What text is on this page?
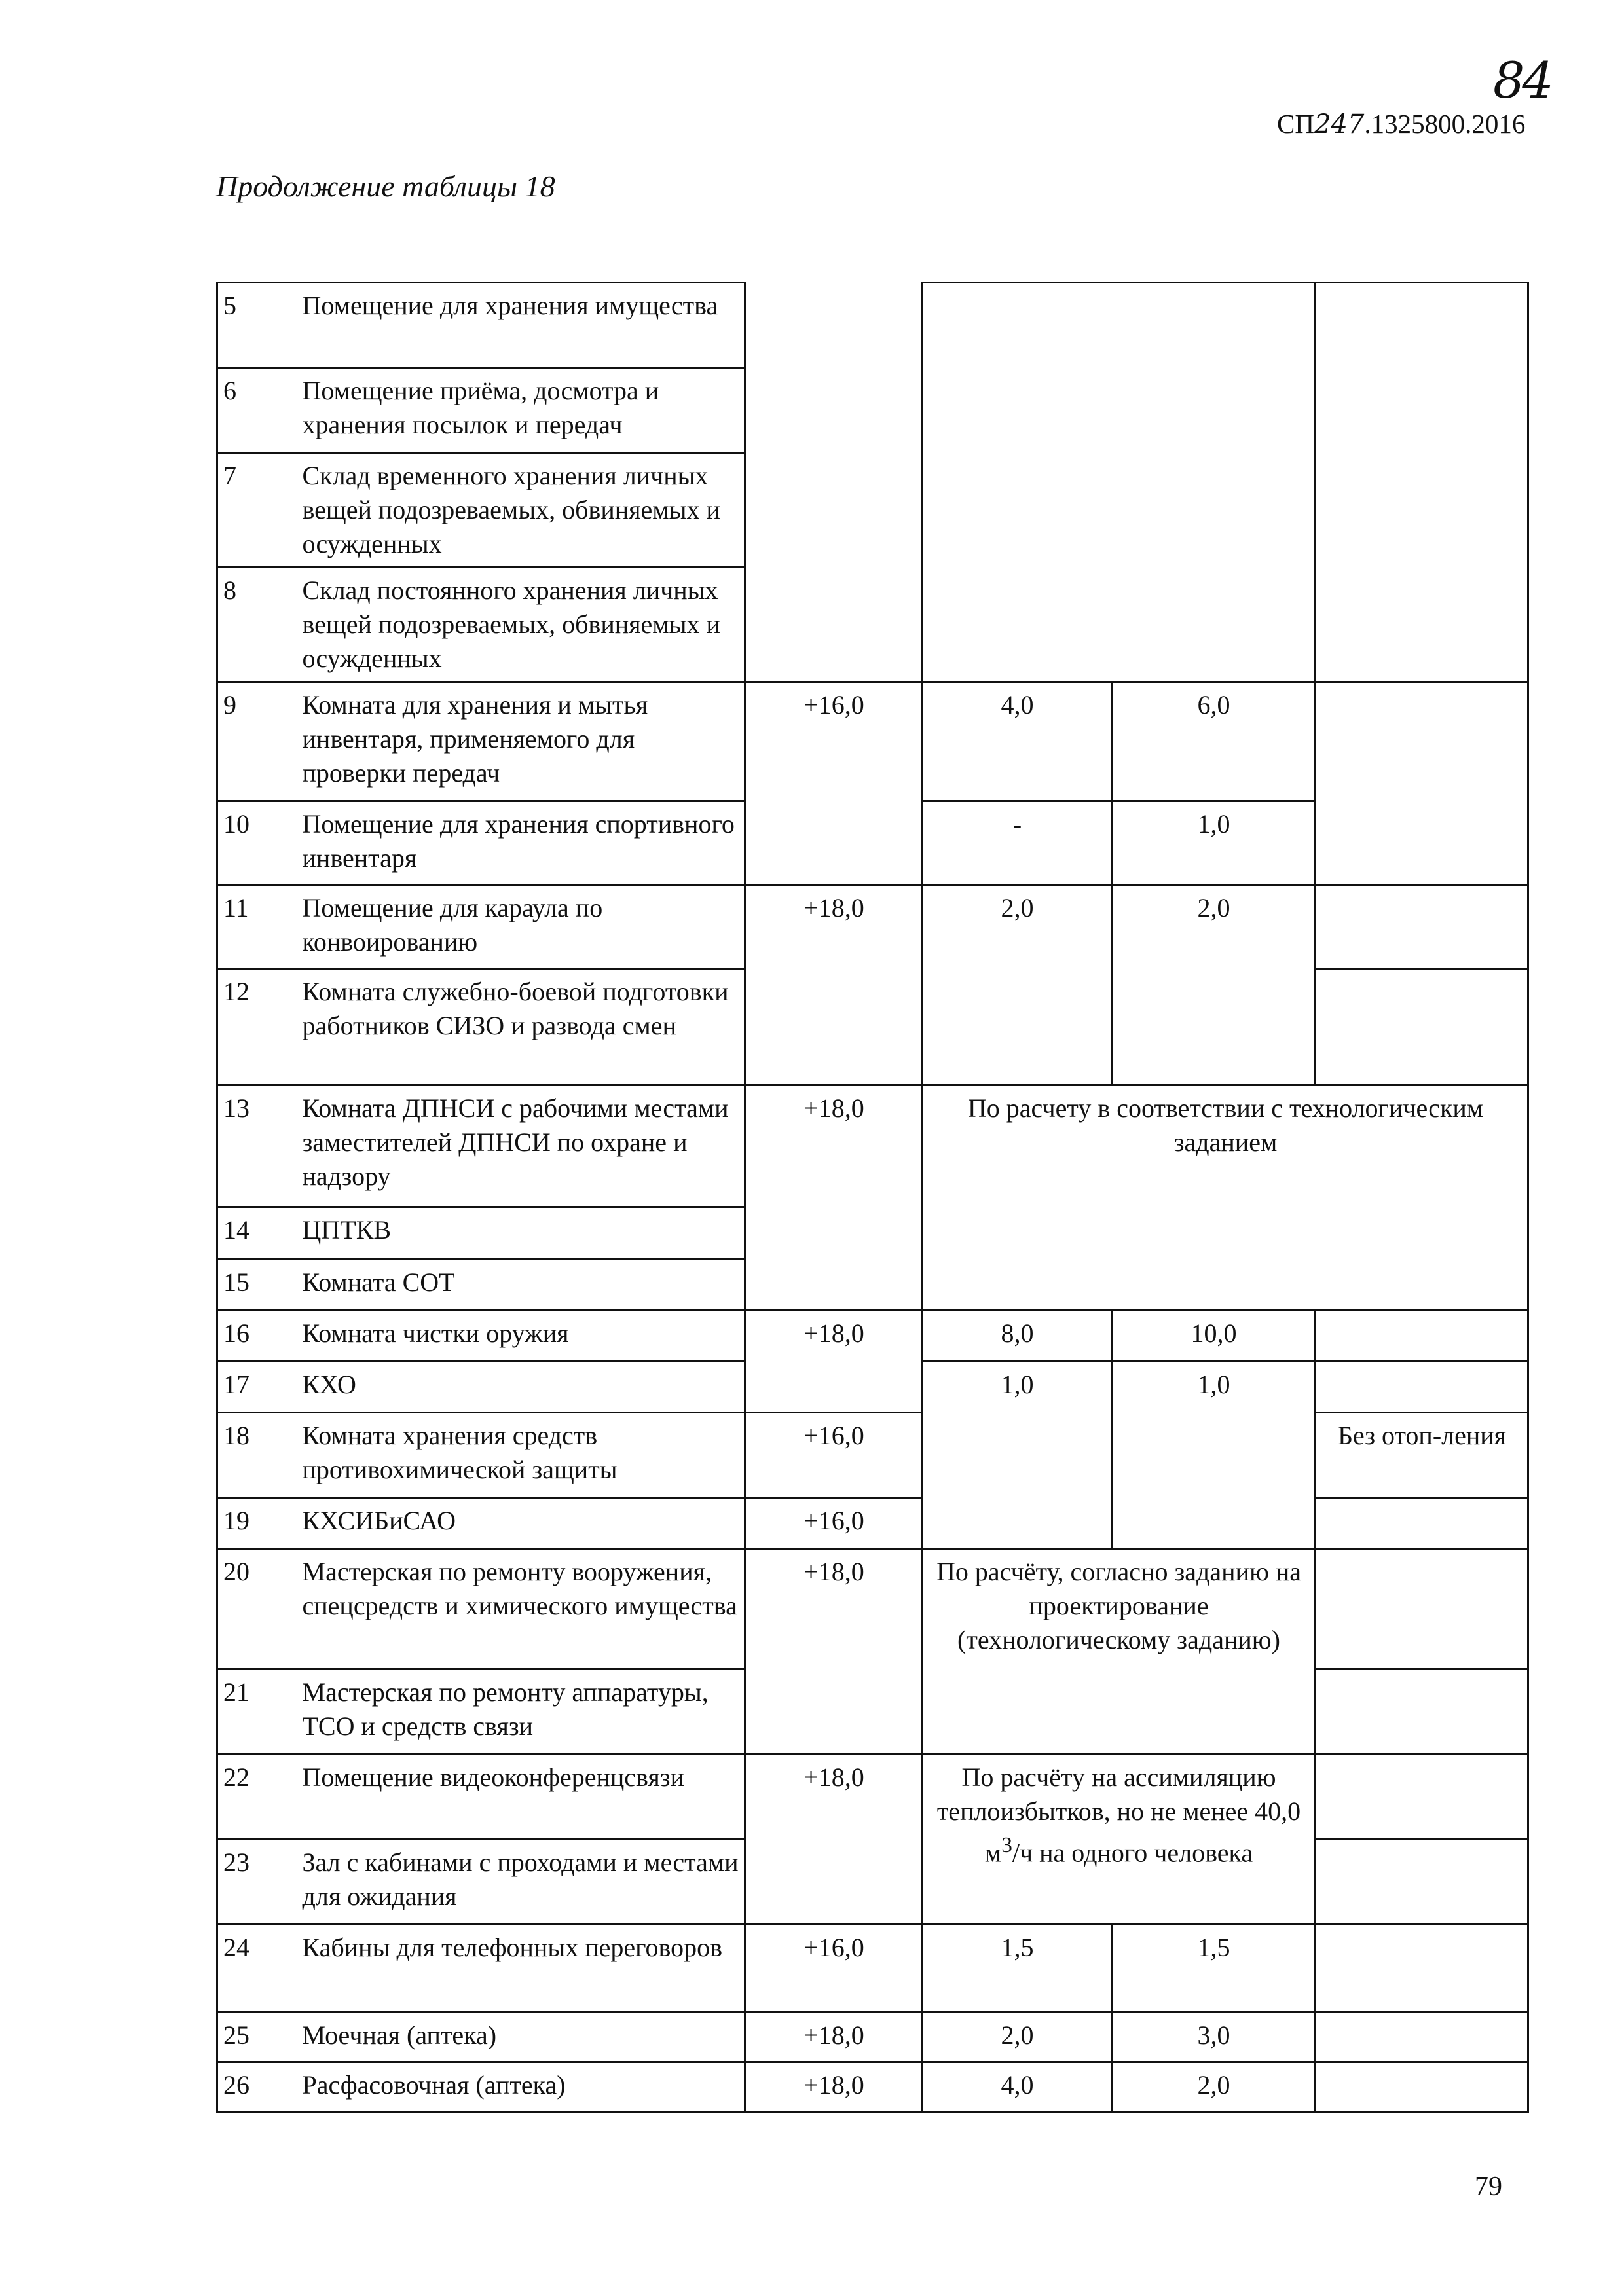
84
СП247.1325800.2016
Продолжение таблицы 18
5	Помещение для хранения имущества				
6	Помещение приёма, досмотра и хранения посылок и передач				
7	Склад временного хранения личных вещей подозреваемых, обвиняемых и осужденных				
8	Склад постоянного хранения личных вещей подозреваемых, обвиняемых и осужденных				
9	Комната для хранения и мытья инвентаря, применяемого для проверки передач	+16,0	4,0	6,0	
10	Помещение для хранения спортивного инвентаря		-	1,0	
11	Помещение для караула по конвоированию	+18,0	2,0	2,0	
12	Комната служебно-боевой подготовки работников СИЗО и развода смен				
13	Комната ДПНСИ с рабочими местами заместителей ДПНСИ по охране и надзору	+18,0	По расчету в соответствии с технологическим заданием		
14	ЦПТКВ				
15	Комната СОТ				
16	Комната чистки оружия	+18,0	8,0	10,0	
17	КХО		1,0	1,0	
18	Комната хранения средств противохимической защиты	+16,0			Без отоп-ления
19	КХСИБиСАО	+16,0			
20	Мастерская по ремонту вооружения, спецсредств и химического имущества	+18,0	По расчёту, согласно заданию на проектирование (технологическому заданию)		
21	Мастерская по ремонту аппаратуры, ТСО и средств связи				
22	Помещение видеоконференцсвязи	+18,0	По расчёту на ассимиляцию теплоизбытков, но не менее 40,0 $м^3/ч$ на одного человека		
23	Зал с кабинами с проходами и местами для ожидания				
24	Кабины для телефонных переговоров	+16,0	1,5	1,5	
25	Моечная (аптека)	+18,0	2,0	3,0	
26	Расфасовочная (аптека)	+18,0	4,0	2,0	
79
